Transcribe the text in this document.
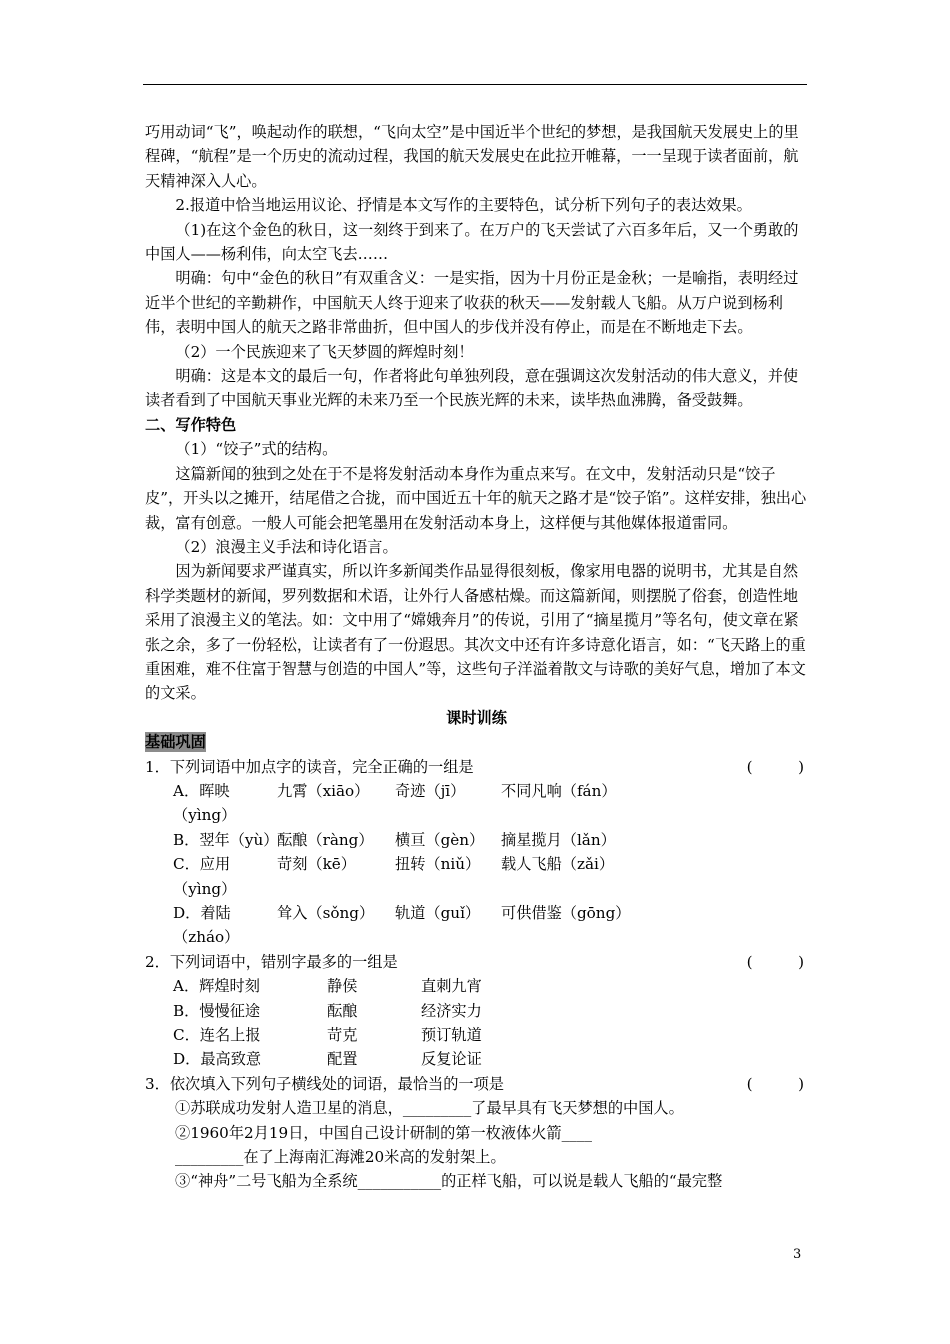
巧用动词“飞”，唤起动作的联想，“飞向太空”是中国近半个世纪的梦想，是我国航天发展史上的里程碑，“航程”是一个历史的流动过程，我国的航天发展史在此拉开帷幕，一一呈现于读者面前，航天精神深入人心。

2.报道中恰当地运用议论、抒情是本文写作的主要特色，试分析下列句子的表达效果。

（1)在这个金色的秋日，这一刻终于到来了。在万户的飞天尝试了六百多年后，又一个勇敢的中国人——杨利伟，向太空飞去……

明确：句中“金色的秋日”有双重含义：一是实指，因为十月份正是金秋；一是喻指，表明经过近半个世纪的辛勤耕作，中国航天人终于迎来了收获的秋天——发射载人飞船。从万户说到杨利伟，表明中国人的航天之路非常曲折，但中国人的步伐并没有停止，而是在不断地走下去。

（2）一个民族迎来了飞天梦圆的辉煌时刻！

明确：这是本文的最后一句，作者将此句单独列段，意在强调这次发射活动的伟大意义，并使读者看到了中国航天事业光辉的未来乃至一个民族光辉的未来，读毕热血沸腾，备受鼓舞。

二、写作特色

（1）“饺子”式的结构。

这篇新闻的独到之处在于不是将发射活动本身作为重点来写。在文中，发射活动只是“饺子皮”，开头以之摊开，结尾借之合拢，而中国近五十年的航天之路才是“饺子馅”。这样安排，独出心裁，富有创意。一般人可能会把笔墨用在发射活动本身上，这样便与其他媒体报道雷同。

（2）浪漫主义手法和诗化语言。

因为新闻要求严谨真实，所以许多新闻类作品显得很刻板，像家用电器的说明书，尤其是自然科学类题材的新闻，罗列数据和术语，让外行人备感枯燥。而这篇新闻，则摆脱了俗套，创造性地采用了浪漫主义的笔法。如：文中用了“嫦娥奔月”的传说，引用了“摘星揽月”等名句，使文章在紧张之余，多了一份轻松，让读者有了一份遐思。其次文中还有许多诗意化语言，如：“飞天路上的重重困难，难不住富于智慧与创造的中国人”等，这些句子洋溢着散文与诗歌的美好气息，增加了本文的文采。

课时训练

基础巩固

1．下列词语中加点字的读音，完全正确的一组是	(　　　)
A．晖映（yìng）
九霄（xiāo）	奇迹（jī）	不同凡响（fán）
B．翌年（yù）
酝酿（ràng）	横亘（gèn）	摘星揽月（lǎn）
C．应用（yìng）
苛刻（kē）	扭转（niǔ）	载人飞船（zǎi）
D．着陆（zháo）
耸入（sǒng）	轨道（guǐ）	可供借鉴（gōng）
2．下列词语中，错别字最多的一组是	(　　　)
A．辉煌时刻	静侯	直刺九宵
B．慢慢征途	酝酿	经济实力
C．连名上报	苛克	预订轨道
D．最高致意	配置	反复论证
3．依次填入下列句子横线处的词语，最恰当的一项是	(　　　)

①苏联成功发射人造卫星的消息，_________了最早具有飞天梦想的中国人。

②1960年2月19日，中国自己设计研制的第一枚液体火箭____

_________在了上海南汇海滩20米高的发射架上。

③“神舟”二号飞船为全系统___________的正样飞船，可以说是载人飞船的“最完整

3
